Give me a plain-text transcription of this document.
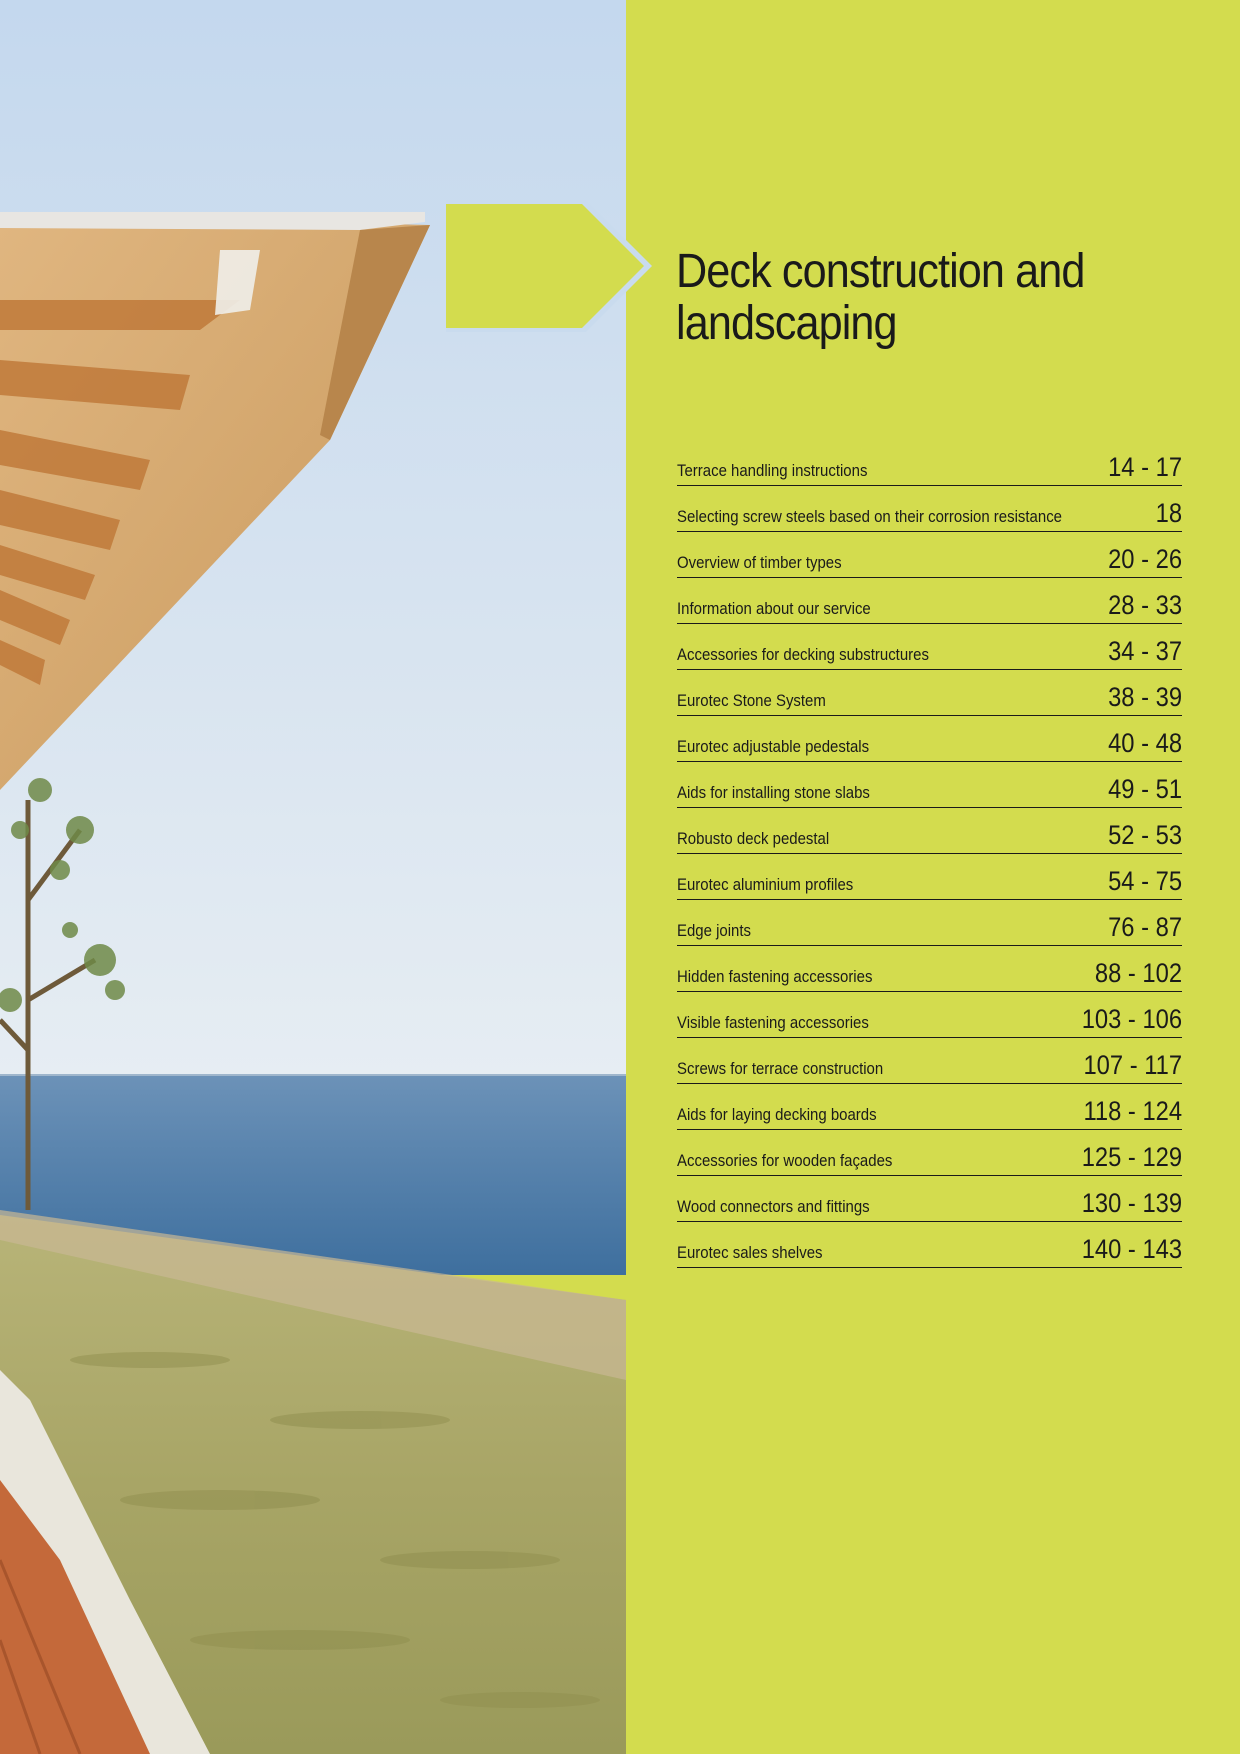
Deck construction and
landscaping
Terrace handling instructions	14 - 17
Selecting screw steels based on their corrosion resistance	18
Overview of timber types	20 - 26
Information about our service	28 - 33
Accessories for decking substructures	34 - 37
Eurotec Stone System	38 - 39
Eurotec adjustable pedestals	40 - 48
Aids for installing stone slabs	49 - 51
Robusto deck pedestal	52 - 53
Eurotec aluminium profiles	54 - 75
Edge joints	76 - 87
Hidden fastening accessories	88 - 102
Visible fastening accessories	103 - 106
Screws for terrace construction	107 - 117
Aids for laying decking boards	118 - 124
Accessories for wooden façades	125 - 129
Wood connectors and fittings	130 - 139
Eurotec sales shelves	140 - 143
